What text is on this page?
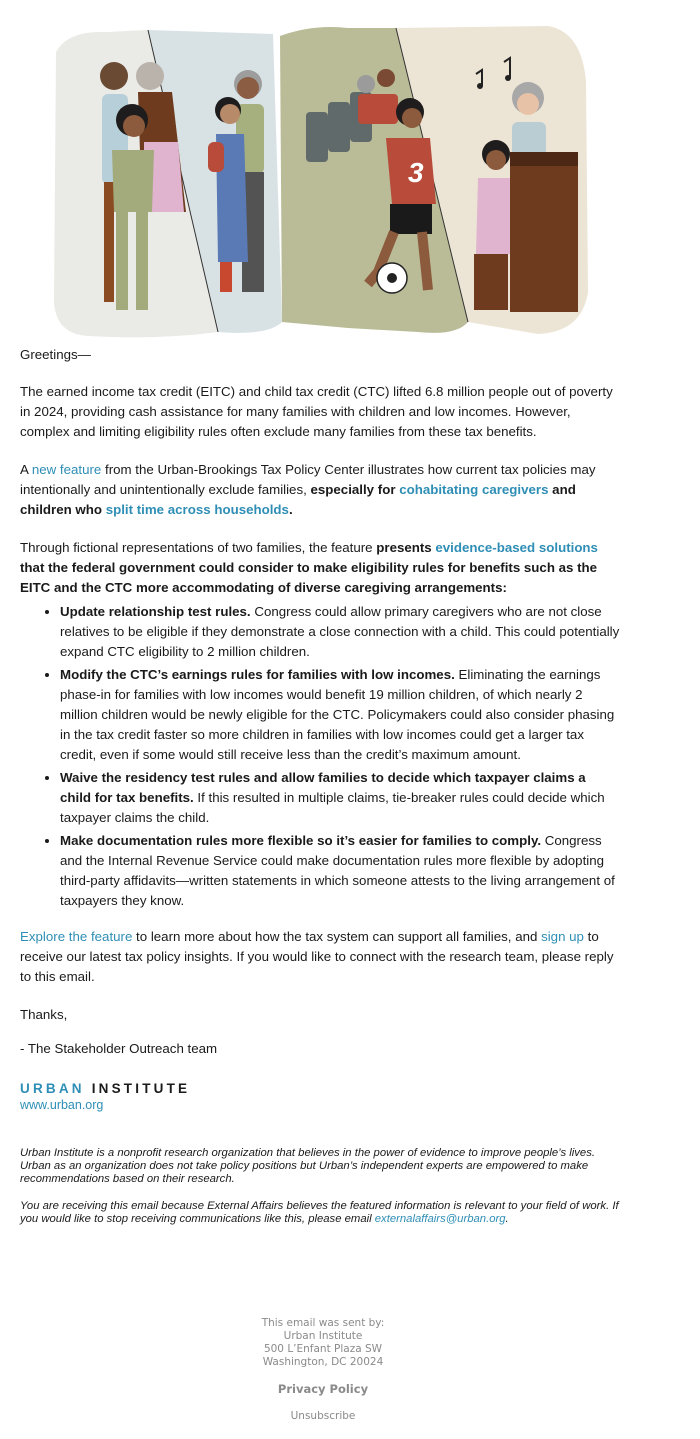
3

Greetings—

The earned income tax credit (EITC) and child tax credit (CTC) lifted 6.8 million people out of poverty in 2024, providing cash assistance for many families with children and low incomes. However, complex and limiting eligibility rules often exclude many families from these tax benefits.

A new feature from the Urban-Brookings Tax Policy Center illustrates how current tax policies may intentionally and unintentionally exclude families, especially for cohabitating caregivers and children who split time across households.

Through fictional representations of two families, the feature presents evidence-based solutions that the federal government could consider to make eligibility rules for benefits such as the EITC and the CTC more accommodating of diverse caregiving arrangements:

• Update relationship test rules. Congress could allow primary caregivers who are not close relatives to be eligible if they demonstrate a close connection with a child. This could potentially expand CTC eligibility to 2 million children.
• Modify the CTC’s earnings rules for families with low incomes. Eliminating the earnings phase-in for families with low incomes would benefit 19 million children, of which nearly 2 million children would be newly eligible for the CTC. Policymakers could also consider phasing in the tax credit faster so more children in families with low incomes could get a larger tax credit, even if some would still receive less than the credit’s maximum amount.
• Waive the residency test rules and allow families to decide which taxpayer claims a child for tax benefits. If this resulted in multiple claims, tie-breaker rules could decide which taxpayer claims the child.
• Make documentation rules more flexible so it’s easier for families to comply. Congress and the Internal Revenue Service could make documentation rules more flexible by adopting third-party affidavits—written statements in which someone attests to the living arrangement of taxpayers they know.

Explore the feature to learn more about how the tax system can support all families, and sign up to receive our latest tax policy insights. If you would like to connect with the research team, please reply to this email.

Thanks,

- The Stakeholder Outreach team

URBAN INSTITUTE
www.urban.org

Urban Institute is a nonprofit research organization that believes in the power of evidence to improve people’s lives. Urban as an organization does not take policy positions but Urban’s independent experts are empowered to make recommendations based on their research.

You are receiving this email because External Affairs believes the featured information is relevant to your field of work. If you would like to stop receiving communications like this, please email externalaffairs@urban.org.

This email was sent by:
Urban Institute
500 L’Enfant Plaza SW
Washington, DC 20024
Privacy Policy
Unsubscribe
